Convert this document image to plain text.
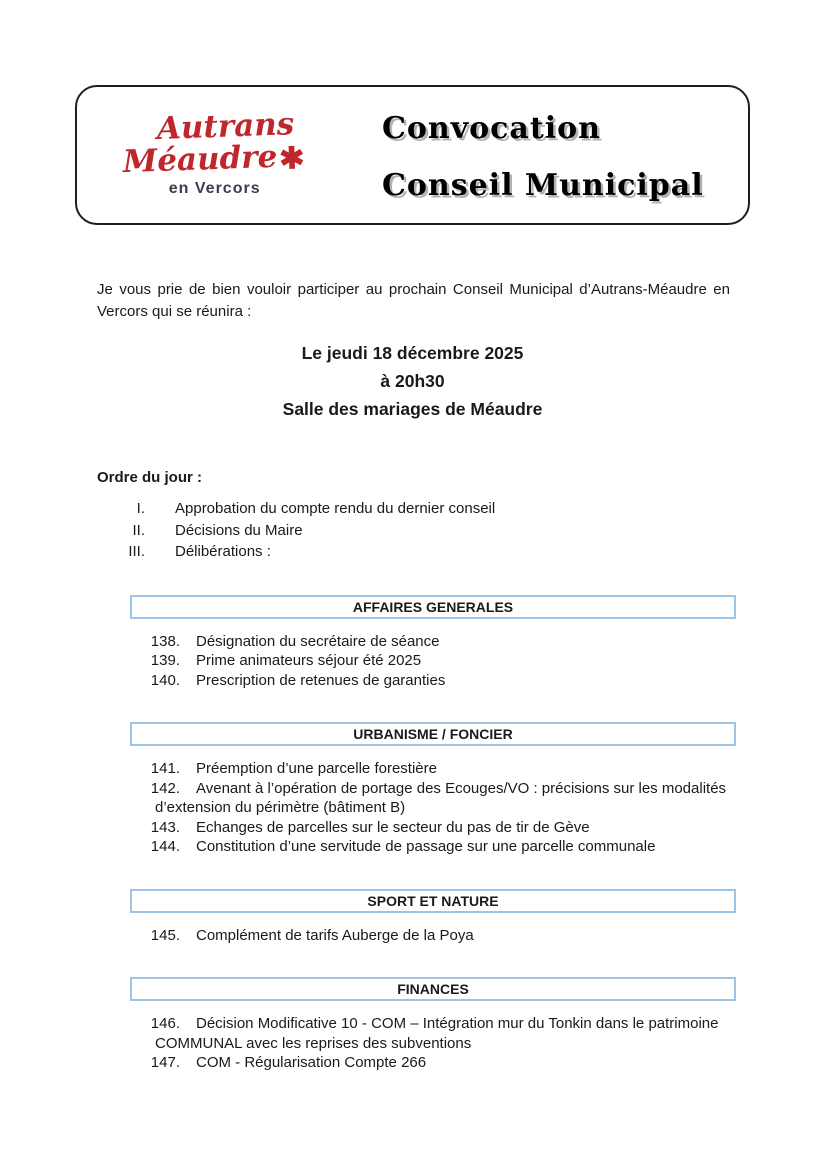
Autrans
Méaudre✱
en Vercors
Convocation
Conseil Municipal

Je vous prie de bien vouloir participer au prochain Conseil Municipal d’Autrans-Méaudre en Vercors qui se réunira :

Le jeudi 18 décembre 2025
à 20h30
Salle des mariages de Méaudre
Ordre du jour :
I. Approbation du compte rendu du dernier conseil
II. Décisions du Maire
III. Délibérations :
AFFAIRES GENERALES

138. Désignation du secrétaire de séance

139. Prime animateurs séjour été 2025

140. Prescription de retenues de garanties

URBANISME / FONCIER

141. Préemption d’une parcelle forestière

142. Avenant à l’opération de portage des Ecouges/VO : précisions sur les modalités d’extension du périmètre (bâtiment B)

143. Echanges de parcelles sur le secteur du pas de tir de Gève

144. Constitution d’une servitude de passage sur une parcelle communale

SPORT ET NATURE

145. Complément de tarifs Auberge de la Poya

FINANCES

146. Décision Modificative 10 - COM – Intégration mur du Tonkin dans le patrimoine COMMUNAL avec les reprises des subventions

147. COM - Régularisation Compte 266
